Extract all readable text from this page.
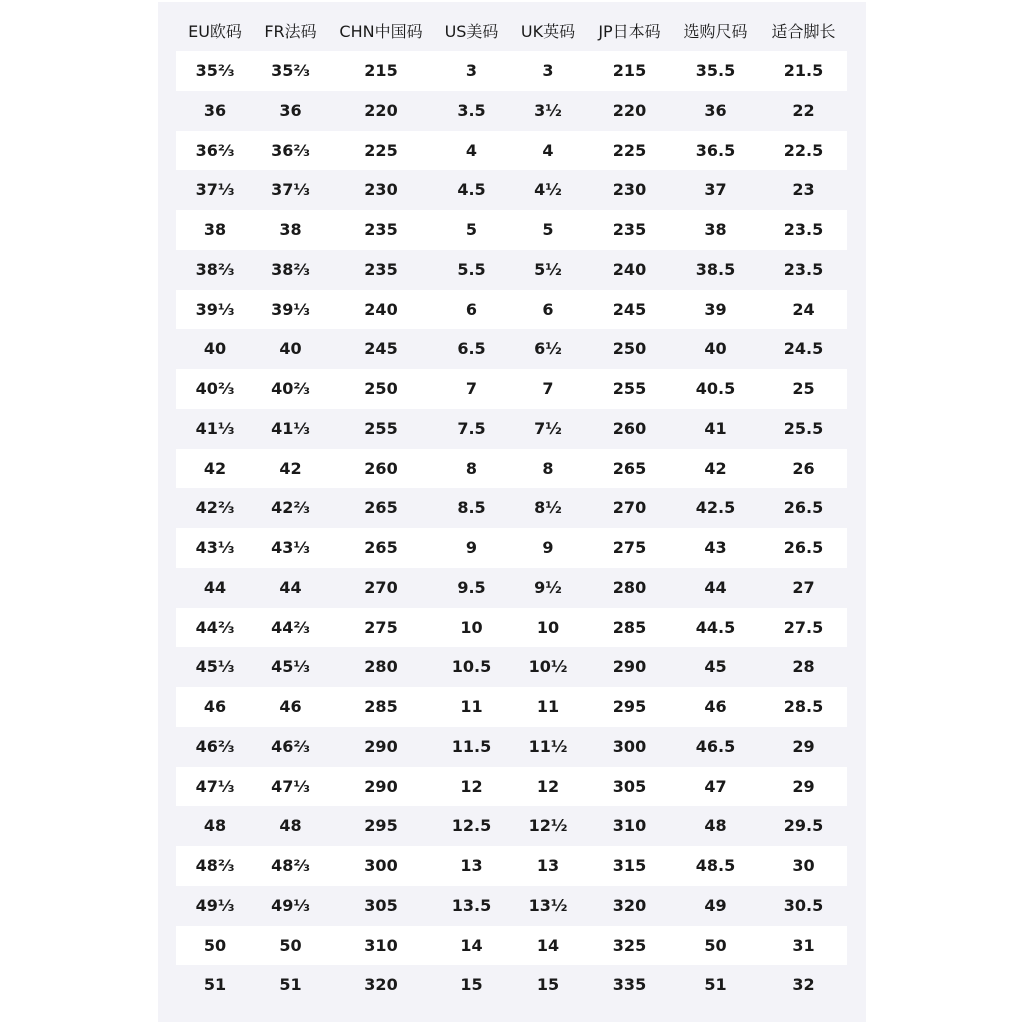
EU欧码	FR法码	CHN中国码	US美码	UK英码	JP日本码	选购尺码	适合脚长
35⅔	35⅔	215	3	3	215	35.5	21.5
36	36	220	3.5	3½	220	36	22
36⅔	36⅔	225	4	4	225	36.5	22.5
37⅓	37⅓	230	4.5	4½	230	37	23
38	38	235	5	5	235	38	23.5
38⅔	38⅔	235	5.5	5½	240	38.5	23.5
39⅓	39⅓	240	6	6	245	39	24
40	40	245	6.5	6½	250	40	24.5
40⅔	40⅔	250	7	7	255	40.5	25
41⅓	41⅓	255	7.5	7½	260	41	25.5
42	42	260	8	8	265	42	26
42⅔	42⅔	265	8.5	8½	270	42.5	26.5
43⅓	43⅓	265	9	9	275	43	26.5
44	44	270	9.5	9½	280	44	27
44⅔	44⅔	275	10	10	285	44.5	27.5
45⅓	45⅓	280	10.5	10½	290	45	28
46	46	285	11	11	295	46	28.5
46⅔	46⅔	290	11.5	11½	300	46.5	29
47⅓	47⅓	290	12	12	305	47	29
48	48	295	12.5	12½	310	48	29.5
48⅔	48⅔	300	13	13	315	48.5	30
49⅓	49⅓	305	13.5	13½	320	49	30.5
50	50	310	14	14	325	50	31
51	51	320	15	15	335	51	32
